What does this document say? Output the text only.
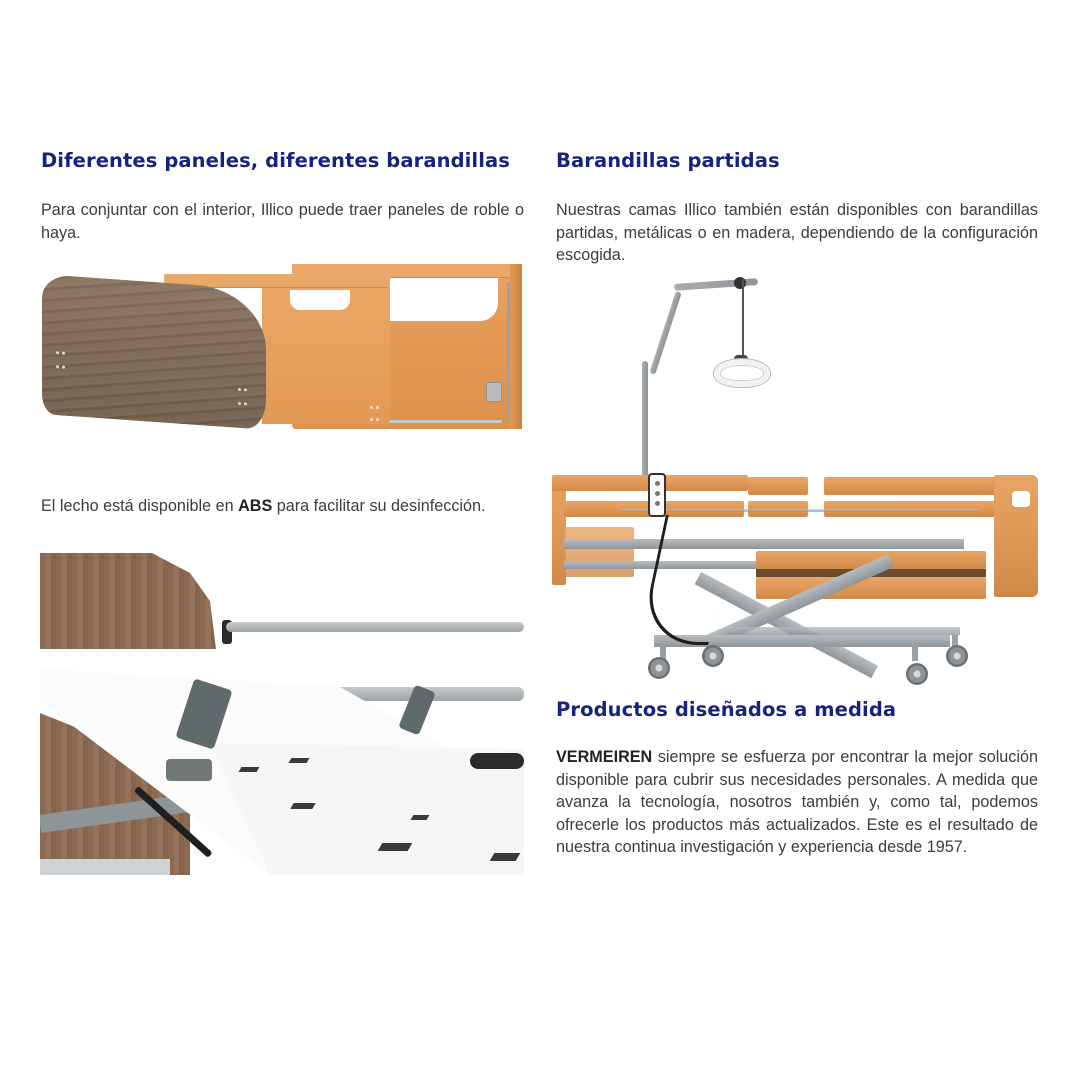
Diferentes paneles, diferentes barandillas

Para conjuntar con el interior, Illico puede traer paneles de roble o haya.

El lecho está disponible en ABS para facilitar su desinfección.

Barandillas partidas

Nuestras camas Illico también están disponibles con barandillas partidas, metálicas o en madera, dependiendo de la configuración escogida.

Productos diseñados a medida

VERMEIREN siempre se esfuerza por encontrar la mejor solución disponible para cubrir sus necesidades personales. A medida que avanza la tecnología, nosotros también y, como tal, podemos ofrecerle los productos más actualizados. Este es el resultado de nuestra continua investigación y experiencia desde 1957.
